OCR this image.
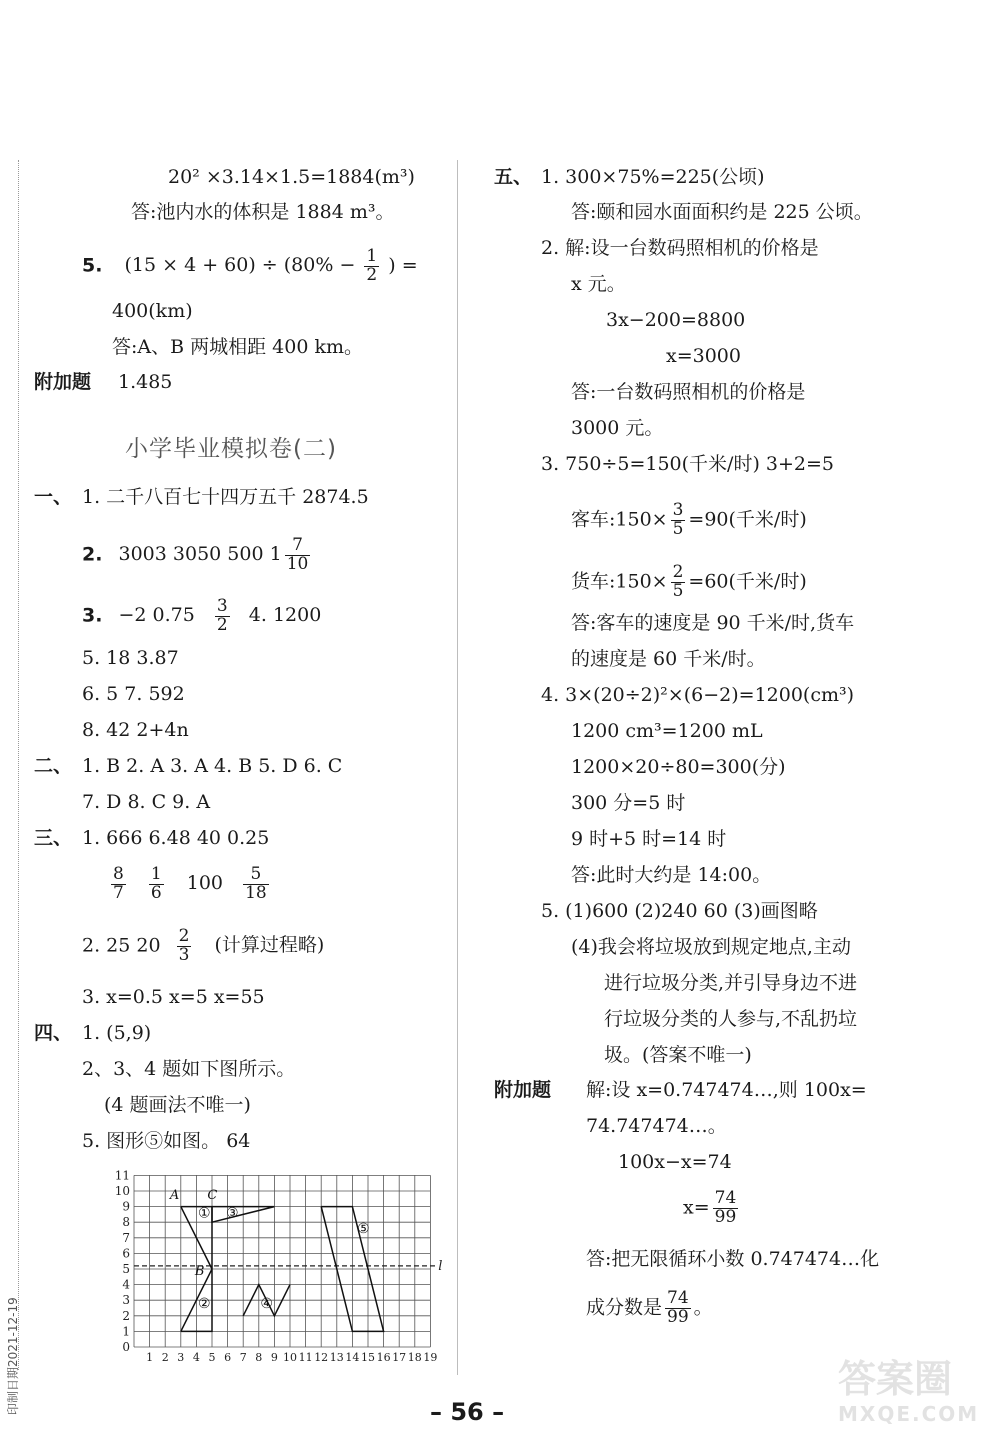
20² ×3.14×1.5=1884(m³)
答:池内水的体积是 1884 m³。
5. $(15 \times 4 + 60) \div (80\% - \frac{1}{2}$ ) =
400(km)
答:A、B 两城相距 400 km。
附加题 1.485
小学毕业模拟卷(二)
一、 1. 二千八百七十四万五千 2874.5
2. 3003 3050 500 $1 \frac{7}{10}$
3. −2 $0.75 \frac{3}{2} 4$. 1200
5. 18 3.87
6. 5 7. 592
8. 42 2+4n
二、 1. B 2. A 3. A 4. B 5. D 6. C
7. D 8. C 9. A
三、 1. 666 6.48 40 0.25
$\frac{8}{7}$
$\frac{1}{6} 100 \frac{5}{18}$
2. 25 $20 \frac{2}{3}$ (计算过程略)
3. x=0.5 x=5 x=55
四、 1. (5,9)
2、3、4 题如下图所示。
(4 题画法不唯一)
5. 图形⑤如图。 64
0
1
2
3
4
5
6
7
8
9
10
11
1 2 3 4 5 6 7 8 9 10 11 12 13 14 15 16 17 18 19
l
A C
B
① ③
②	④
⑤
五、 1. 300×75%=225(公顷)
答:颐和园水面面积约是 225 公顷。
2. 解:设一台数码照相机的价格是
x 元。
3x−200=8800
x=3000
答:一台数码照相机的价格是
3000 元。
3. 750÷5=150(千米/时) 3+2=5
客车:150× $\frac{3}{5} =90$(千米/时)
货车:150× $\frac{2}{5} =60$(千米/时)
答:客车的速度是 90 千米/时,货车
的速度是 60 千米/时。
4. 3×(20÷2)²×(6−2)=1200(cm³)
1200 cm³=1200 mL
1200×20÷80=300(分)
300 分=5 时
9 时+5 时=14 时
答:此时大约是 14:00。
5. (1)600 (2)240 60 (3)画图略
(4)我会将垃圾放到规定地点,主动
进行垃圾分类,并引导身边不进
行垃圾分类的人参与,不乱扔垃
圾。(答案不唯一)
附加题 解:设 x=0.747474…,则 100x=
74.747474…。
100x−x=74
$x= \frac{74}{99}$
答:把无限循环小数 0.747474…化
成分数是 $\frac{74}{99}$ 。
– 56 –
印制日期2021-12-19	答案圈
MXQE.COM
